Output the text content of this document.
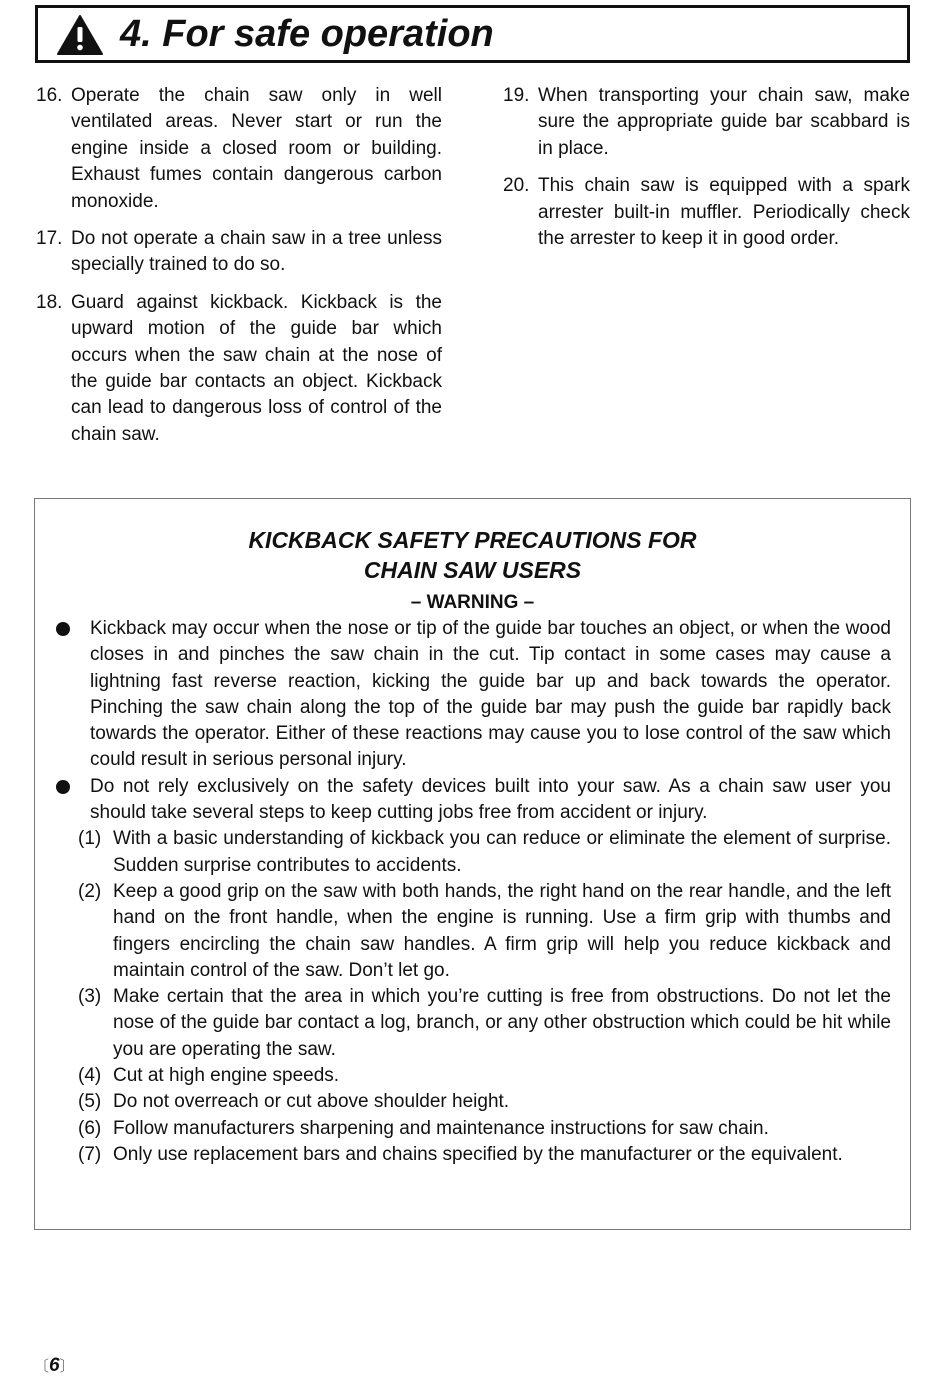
4. For safe operation
16. Operate the chain saw only in well ventilated areas. Never start or run the engine inside a closed room or building. Exhaust fumes contain dangerous carbon monoxide.
17. Do not operate a chain saw in a tree unless specially trained to do so.
18. Guard against kickback. Kickback is the upward motion of the guide bar which occurs when the saw chain at the nose of the guide bar contacts an object. Kickback can lead to dangerous loss of control of the chain saw.
19. When transporting your chain saw, make sure the appropriate guide bar scabbard is in place.
20. This chain saw is equipped with a spark arrester built-in muffler. Periodically check the arrester to keep it in good order.
KICKBACK SAFETY PRECAUTIONS FOR
CHAIN SAW USERS
– WARNING –
Kickback may occur when the nose or tip of the guide bar touches an object, or when the wood closes in and pinches the saw chain in the cut. Tip contact in some cases may cause a lightning fast reverse reaction, kicking the guide bar up and back towards the operator. Pinching the saw chain along the top of the guide bar may push the guide bar rapidly back towards the operator. Either of these reactions may cause you to lose control of the saw which could result in serious personal injury.
Do not rely exclusively on the safety devices built into your saw. As a chain saw user you should take several steps to keep cutting jobs free from accident or injury.
(1) With a basic understanding of kickback you can reduce or eliminate the element of surprise. Sudden surprise contributes to accidents.
(2) Keep a good grip on the saw with both hands, the right hand on the rear handle, and the left hand on the front handle, when the engine is running. Use a firm grip with thumbs and fingers encircling the chain saw handles. A firm grip will help you reduce kickback and maintain control of the saw. Don’t let go.
(3) Make certain that the area in which you’re cutting is free from obstructions. Do not let the nose of the guide bar contact a log, branch, or any other obstruction which could be hit while you are operating the saw.
(4) Cut at high engine speeds.
(5) Do not overreach or cut above shoulder height.
(6) Follow manufacturers sharpening and maintenance instructions for saw chain.
(7) Only use replacement bars and chains specified by the manufacturer or the equivalent.
〔6〕
